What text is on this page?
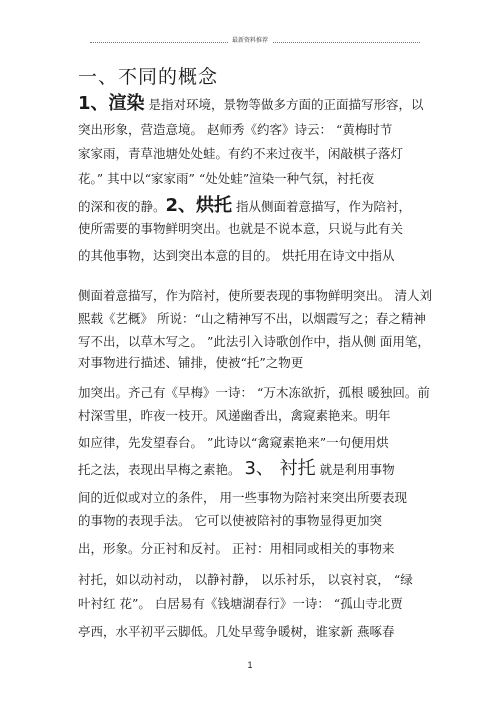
最新资料推荐
一、不同的概念
1、渲染 是指对环境，景物等做多方面的正面描写形容，以
突出形象，营造意境。 赵师秀《约客》诗云： “黄梅时节
家家雨，青草池塘处处蛙。有约不来过夜半，闲敲棋子落灯
花。” 其中以“家家雨” “处处蛙”渲染一种气氛，衬托夜
的深和夜的静。2、烘托 指从侧面着意描写，作为陪衬，
使所需要的事物鲜明突出。也就是不说本意，只说与此有关
的其他事物，达到突出本意的目的。 烘托用在诗文中指从
侧面着意描写，作为陪衬，使所要表现的事物鲜明突出。 清人刘
熙载《艺概》 所说：“山之精神写不出，以烟霞写之；春之精神
写不出，以草木写之。 ”此法引入诗歌创作中，指从侧 面用笔，
对事物进行描述、铺排，使被“托”之物更
加突出。齐己有《早梅》一诗： “万木冻欲折，孤根 暖独回。前
村深雪里，昨夜一枝开。风递幽香出，禽窥素艳来。明年
如应律，先发望春台。 ”此诗以“禽窥素艳来”一句便用烘
托之法，表现出早梅之素艳。 3、 衬托 就是利用事物
间的近似或对立的条件， 用一些事物为陪衬来突出所要表现
的事物的表现手法。 它可以使被陪衬的事物显得更加突
出，形象。分正衬和反衬。 正衬：用相同或相关的事物来
衬托，如以动衬动， 以静衬静， 以乐衬乐， 以哀衬哀， “绿
叶衬红 花”。 白居易有《钱塘湖春行》一诗： “孤山寺北贾
亭西，水平初平云脚低。几处早莺争暖树，谁家新 燕啄春
1
